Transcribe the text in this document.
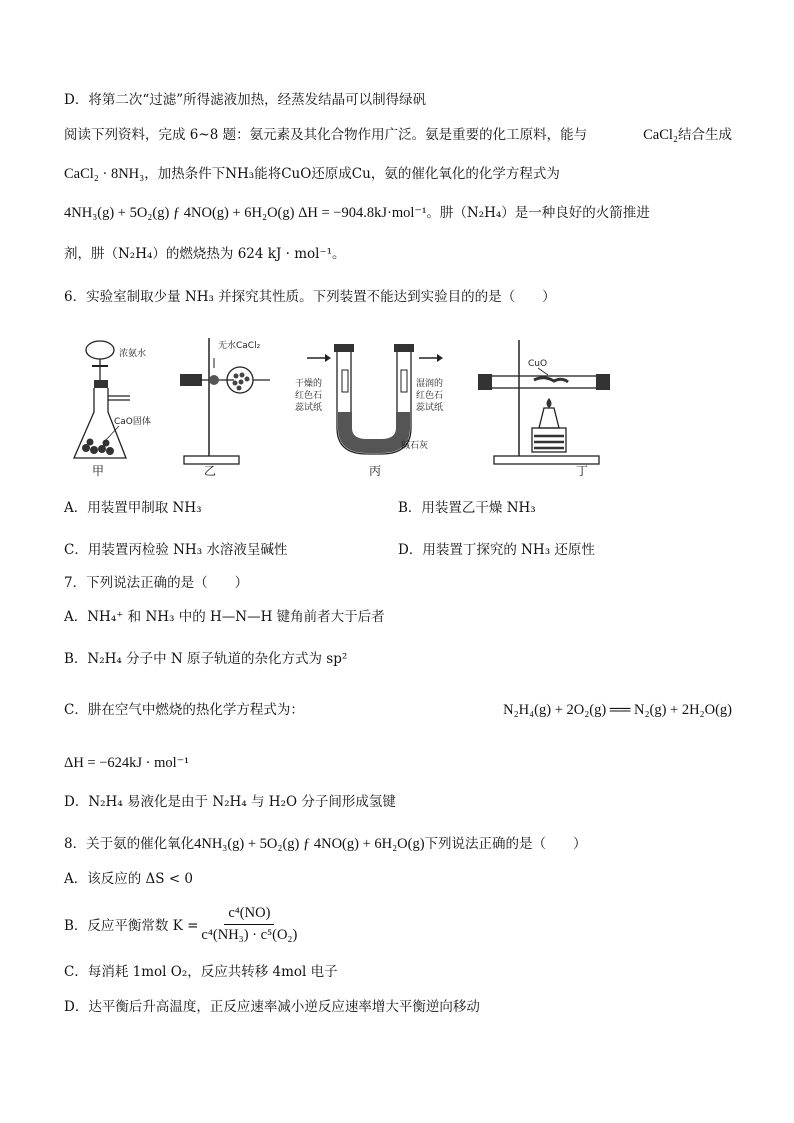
D．将第二次“过滤”所得滤液加热，经蒸发结晶可以制得绿矾
阅读下列资料，完成 6~8 题：氨元素及其化合物作用广泛。氨是重要的化工原料，能与	CaCl₂结合生成
CaCl₂ · 8NH₃，加热条件下NH₃能将CuO还原成Cu，氨的催化氧化的化学方程式为
4NH₃(g) + 5O₂(g) ƒ 4NO(g) + 6H₂O(g) ΔH = −904.8kJ·mol⁻¹。肼（N₂H₄）是一种良好的火箭推进
剂，肼（N₂H₄）的燃烧热为 624 kJ · mol⁻¹。
6．实验室制取少量 NH₃ 并探究其性质。下列装置不能达到实验目的的是（　　）
浓氨水
CaO固体
甲
无水CaCl₂
乙
干燥的
红色石
蕊试纸
湿润的
红色石
蕊试纸
碱石灰
丙
CuO
丁
A．用装置甲制取 NH₃	B．用装置乙干燥 NH₃
C．用装置丙检验 NH₃ 水溶液呈碱性	D．用装置丁探究的 NH₃ 还原性
7．下列说法正确的是（　　）
A．NH₄⁺ 和 NH₃ 中的 H—N—H 键角前者大于后者
B．N₂H₄ 分子中 N 原子轨道的杂化方式为 sp²
C．肼在空气中燃烧的热化学方程式为：	N₂H₄(g) + 2O₂(g) ══ N₂(g) + 2H₂O(g)
ΔH = −624kJ · mol⁻¹
D．N₂H₄ 易液化是由于 N₂H₄ 与 H₂O 分子间形成氢键
8．关于氨的催化氧化4NH₃(g) + 5O₂(g) ƒ 4NO(g) + 6H₂O(g)下列说法正确的是（　　）
A．该反应的 ΔS < 0
B．反应平衡常数 $K = \frac{\text{c⁴(NO)}}{\text{c⁴(NH₃) · c⁵(O₂)}}$
C．每消耗 1mol O₂，反应共转移 4mol 电子
D．达平衡后升高温度，正反应速率减小逆反应速率增大平衡逆向移动
